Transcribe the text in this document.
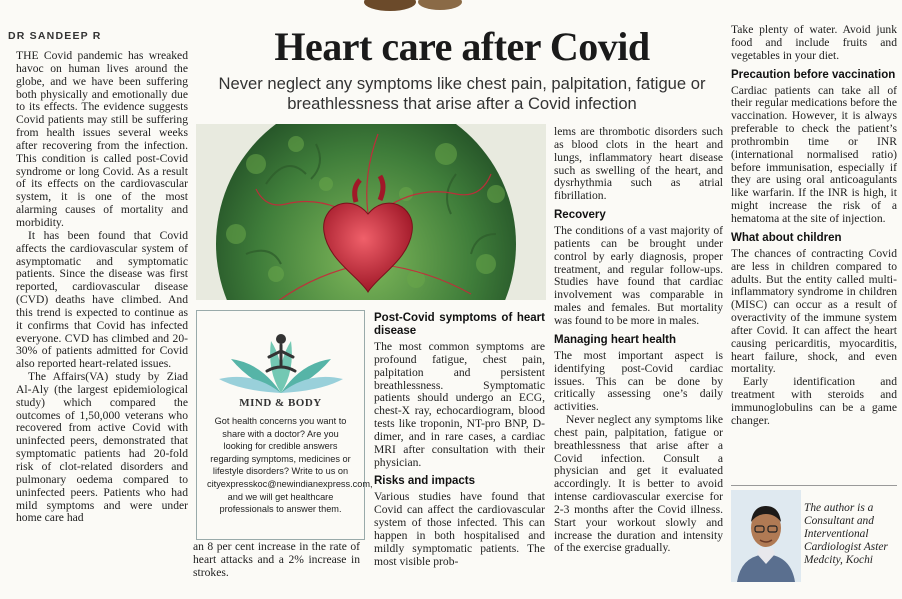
DR SANDEEP R	Heart care after Covid
Never neglect any symptoms like chest pain, palpitation, fatigue or breathlessness that arise after a Covid infection

THE Covid pandemic has wreaked havoc on human lives around the globe, and we have been suffering both physically and emotionally due to its effects. The evidence suggests Covid patients may still be suffering from health issues several weeks after recovering from the infection. This condition is called post-Covid syndrome or long Covid. As a result of its effects on the cardiovascular system, it is one of the most alarming causes of mortality and morbidity.

It has been found that Covid affects the cardiovascular system of asymptomatic and symptomatic patients. Since the disease was first reported, cardiovascular disease (CVD) deaths have climbed. And this trend is expected to continue as it confirms that Covid has infected everyone. CVD has climbed and 20-30% of patients admitted for Covid also reported heart-related issues.

The Affairs(VA) study by Ziad Al-Aly (the largest epidemiological study) which compared the outcomes of 1,50,000 veterans who recovered from active Covid with uninfected peers, demonstrated that symptomatic patients had 20-fold risk of clot-related disorders and pulmonary oedema compared to uninfected peers. Patients who had mild symptoms and were under home care had

MIND & BODY
Got health concerns you want to share with a doctor? Are you looking for credible answers regarding symptoms, medicines or lifestyle disorders? Write to us on cityexpresskoc@newindianexpress.com, and we will get healthcare professionals to answer them.

an 8 per cent increase in the rate of heart attacks and a 2% increase in strokes.

Post-Covid symptoms of heart disease

The most common symptoms are profound fatigue, chest pain, palpitation and persistent breathlessness. Symptomatic patients should undergo an ECG, chest-X ray, echocardiogram, blood tests like troponin, NT-pro BNP, D-dimer, and in rare cases, a cardiac MRI after consultation with their physician.

Risks and impacts

Various studies have found that Covid can affect the cardiovascular system of those infected. This can happen in both hospitalised and mildly symptomatic patients. The most visible prob-

lems are thrombotic disorders such as blood clots in the heart and lungs, inflammatory heart disease such as swelling of the heart, and dysrhythmia such as atrial fibrillation.

Recovery

The conditions of a vast majority of patients can be brought under control by early diagnosis, proper treatment, and regular follow-ups. Studies have found that cardiac involvement was comparable in males and females. But mortality was found to be more in males.

Managing heart health

The most important aspect is identifying post-Covid cardiac issues. This can be done by critically assessing one’s daily activities.

Never neglect any symptoms like chest pain, palpitation, fatigue or breathlessness that arise after a Covid infection. Consult a physician and get it evaluated accordingly. It is better to avoid intense cardiovascular exercise for 2-3 months after the Covid illness. Start your workout slowly and increase the duration and intensity of the exercise gradually.

Take plenty of water. Avoid junk food and include fruits and vegetables in your diet.

Precaution before vaccination

Cardiac patients can take all of their regular medications before the vaccination. However, it is always preferable to check the patient’s prothrombin time or INR (international normalised ratio) before immunisation, especially if they are using oral anticoagulants like warfarin. If the INR is high, it might increase the risk of a hematoma at the site of injection.

What about children

The chances of contracting Covid are less in children compared to adults. But the entity called multi-inflammatory syndrome in children (MISC) can occur as a result of overactivity of the immune system after Covid. It can affect the heart causing pericarditis, myocarditis, heart failure, shock, and even mortality.

Early identification and treatment with steroids and immunoglobulins can be a game changer.

The author is a Consultant and Interventional Cardiologist Aster Medcity, Kochi
